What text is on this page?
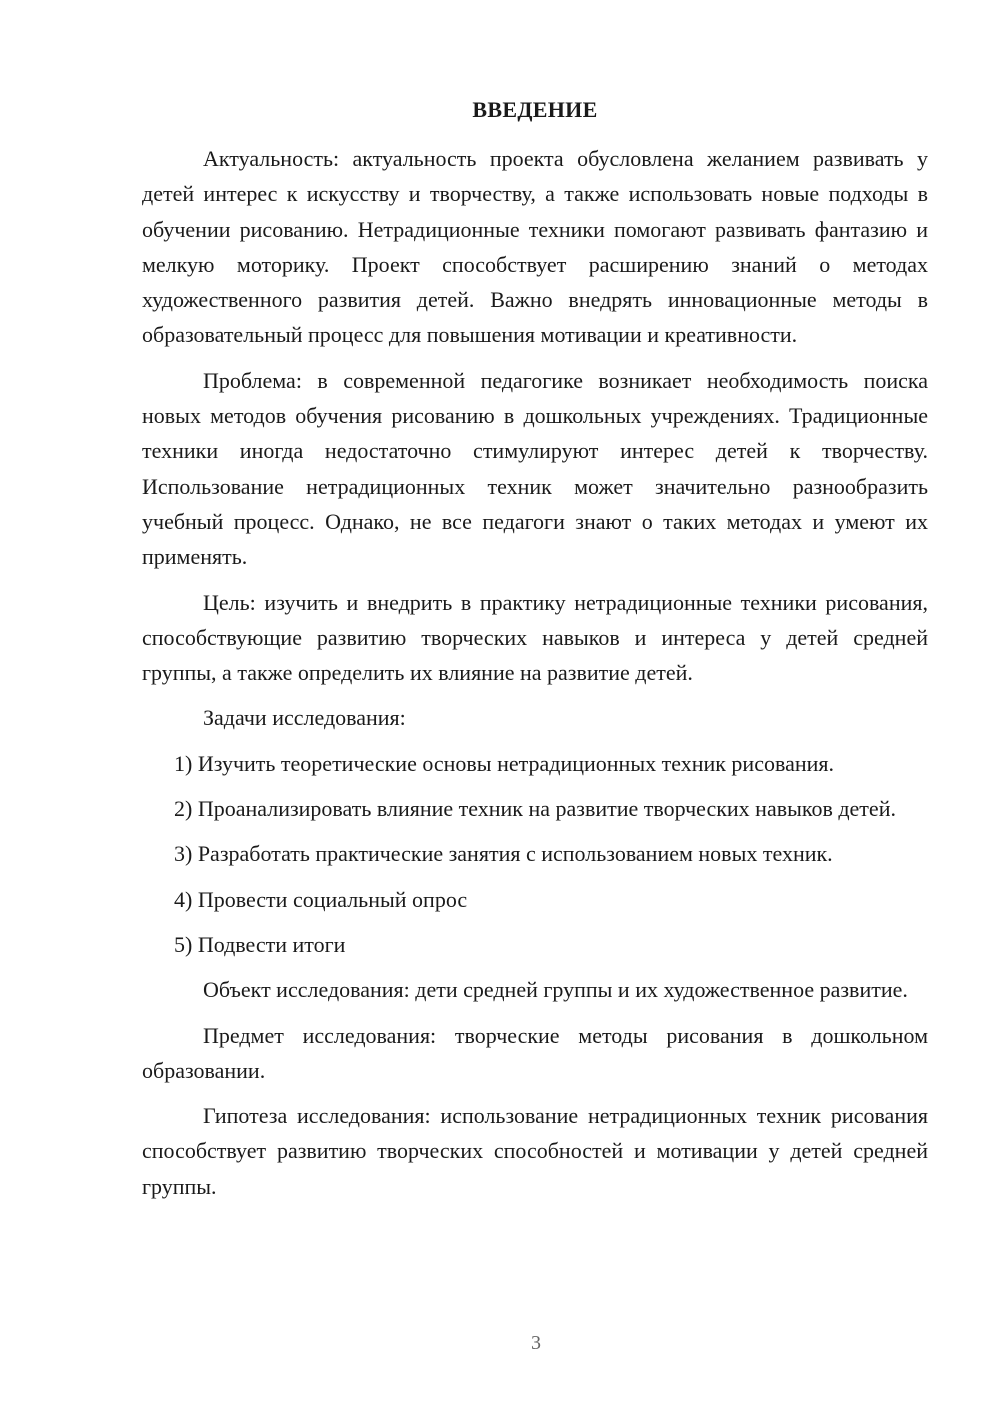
ВВЕДЕНИЕ

Актуальность: актуальность проекта обусловлена желанием развивать у детей интерес к искусству и творчеству, а также использовать новые подходы в обучении рисованию. Нетрадиционные техники помогают развивать фантазию и мелкую моторику. Проект способствует расширению знаний о методах художественного развития детей. Важно внедрять инновационные методы в образовательный процесс для повышения мотивации и креативности.

Проблема: в современной педагогике возникает необходимость поиска новых методов обучения рисованию в дошкольных учреждениях. Традиционные техники иногда недостаточно стимулируют интерес детей к творчеству. Использование нетрадиционных техник может значительно разнообразить учебный процесс. Однако, не все педагоги знают о таких методах и умеют их применять.

Цель: изучить и внедрить в практику нетрадиционные техники рисования, способствующие развитию творческих навыков и интереса у детей средней группы, а также определить их влияние на развитие детей.

Задачи исследования:

1) Изучить теоретические основы нетрадиционных техник рисования.

2) Проанализировать влияние техник на развитие творческих навыков детей.

3) Разработать практические занятия с использованием новых техник.

4) Провести социальный опрос

5) Подвести итоги

Объект исследования: дети средней группы и их художественное развитие.

Предмет исследования: творческие методы рисования в дошкольном образовании.

Гипотеза исследования: использование нетрадиционных техник рисования способствует развитию творческих способностей и мотивации у детей средней группы.

3
